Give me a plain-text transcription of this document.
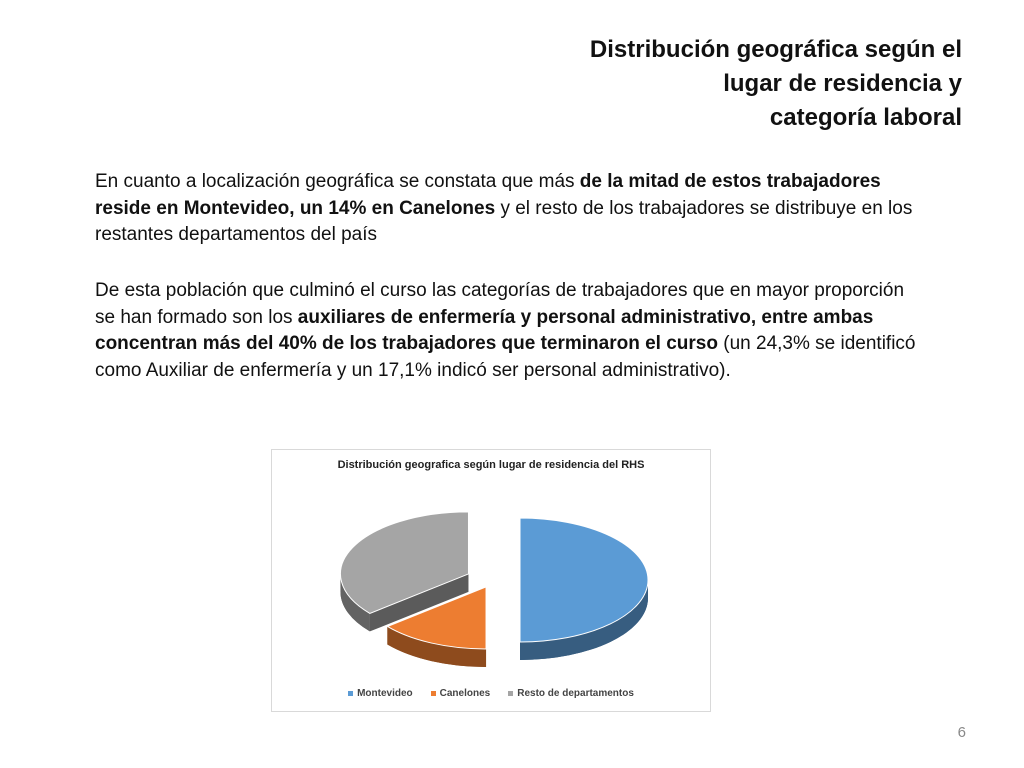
Distribución geográfica según el
lugar de residencia y
categoría laboral

En cuanto a localización geográfica se constata que más de la mitad de estos trabajadores reside en Montevideo, un 14% en Canelones y el resto de los trabajadores se distribuye en los restantes departamentos del país

De esta población que culminó el curso las categorías de trabajadores que en mayor proporción se han formado son los auxiliares de enfermería y personal administrativo, entre ambas concentran más del 40% de los trabajadores que terminaron el curso (un 24,3% se identificó como Auxiliar de enfermería y un 17,1% indicó ser personal administrativo).

Distribución geografica según lugar de residencia del RHS
Montevideo	Canelones	Resto de departamentos
6
